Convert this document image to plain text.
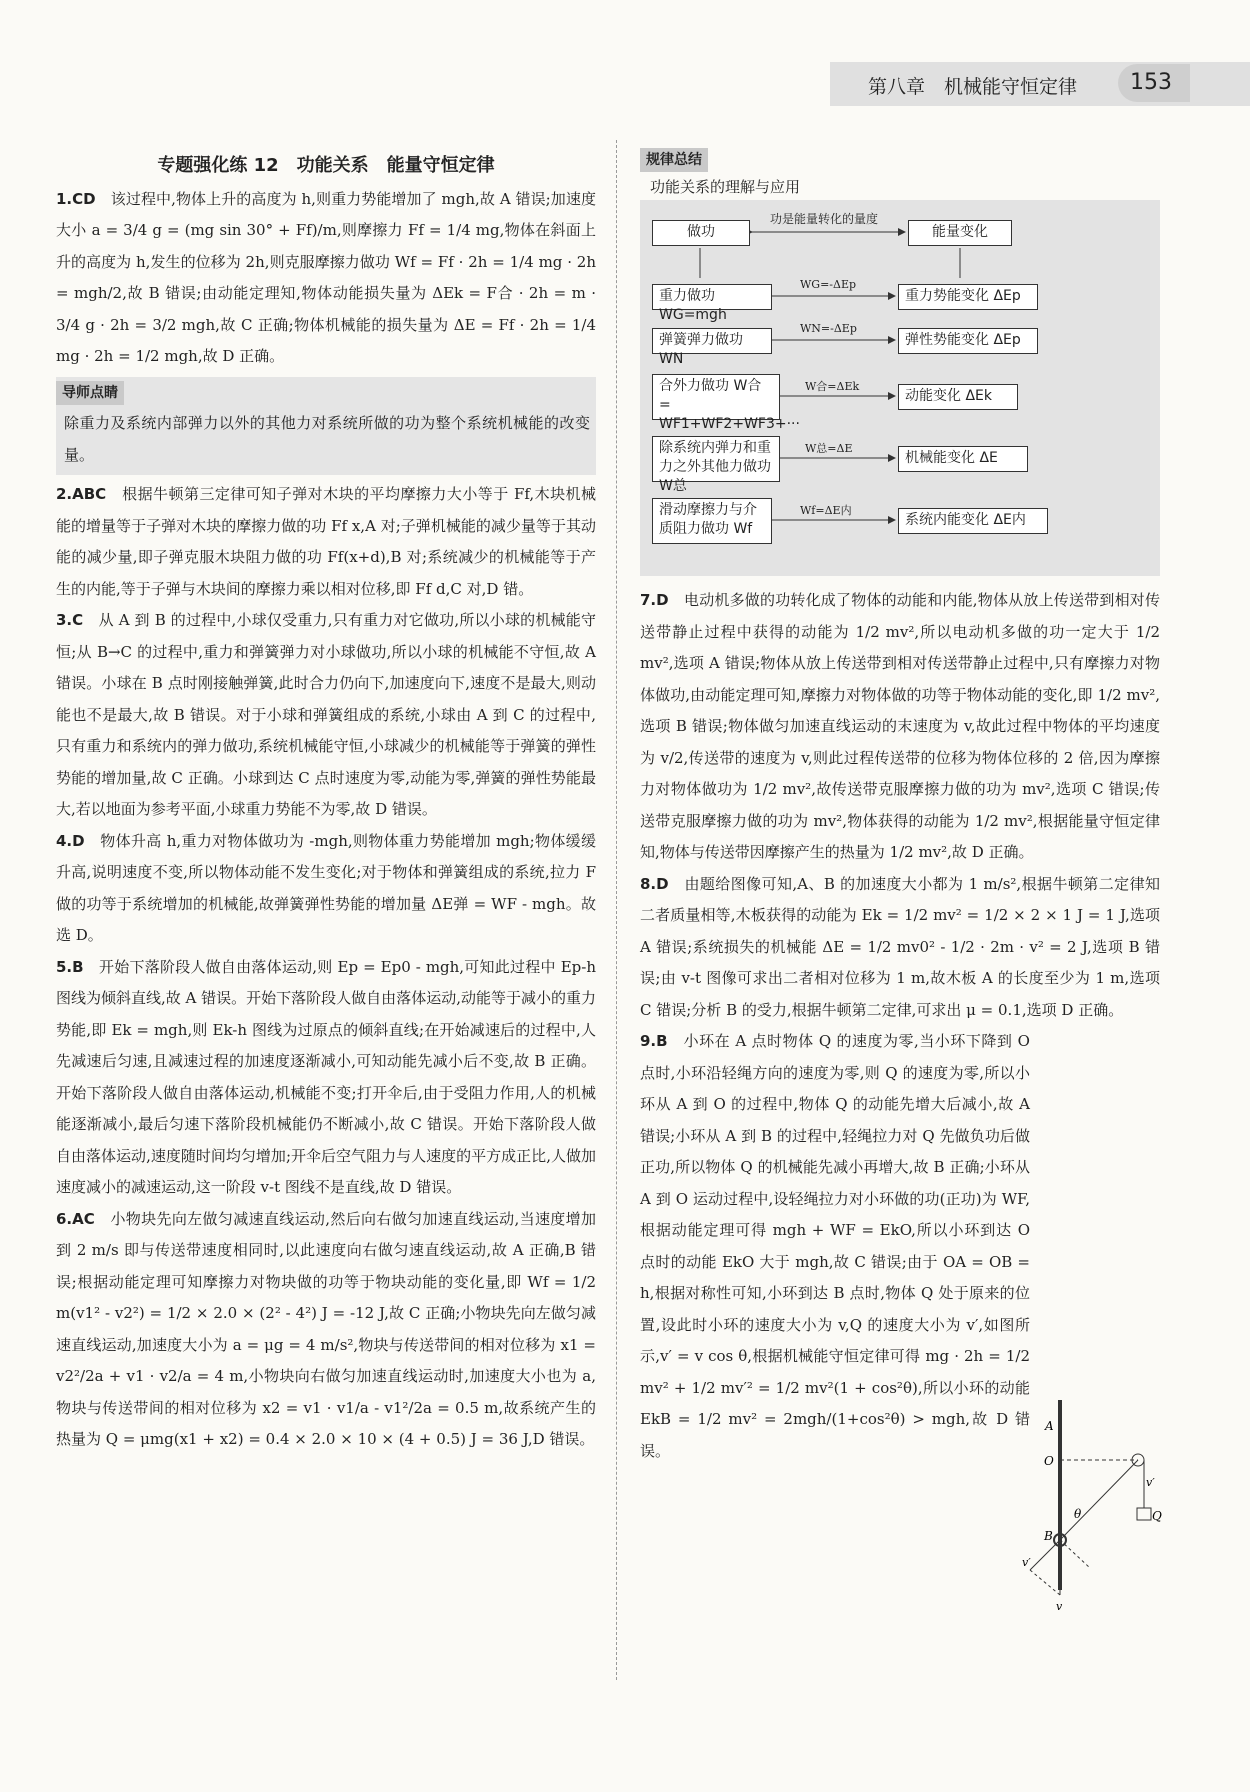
第八章　机械能守恒定律	153
专题强化练 12　功能关系　能量守恒定律

1.CD　 该过程中,物体上升的高度为 h,则重力势能增加了 mgh,故 A 错误;加速度大小 a = 3/4 g = (mg sin 30° + Ff)/m,则摩擦力 Ff = 1/4 mg,物体在斜面上升的高度为 h,发生的位移为 2h,则克服摩擦力做功 Wf = Ff · 2h = 1/4 mg · 2h = mgh/2,故 B 错误;由动能定理知,物体动能损失量为 ΔEk = F合 · 2h = m · 3/4 g · 2h = 3/2 mgh,故 C 正确;物体机械能的损失量为 ΔE = Ff · 2h = 1/4 mg · 2h = 1/2 mgh,故 D 正确。

导师点睛

除重力及系统内部弹力以外的其他力对系统所做的功为整个系统机械能的改变量。

2.ABC　 根据牛顿第三定律可知子弹对木块的平均摩擦力大小等于 Ff,木块机械能的增量等于子弹对木块的摩擦力做的功 Ff x,A 对;子弹机械能的减少量等于其动能的减少量,即子弹克服木块阻力做的功 Ff(x+d),B 对;系统减少的机械能等于产生的内能,等于子弹与木块间的摩擦力乘以相对位移,即 Ff d,C 对,D 错。

3.C　 从 A 到 B 的过程中,小球仅受重力,只有重力对它做功,所以小球的机械能守恒;从 B→C 的过程中,重力和弹簧弹力对小球做功,所以小球的机械能不守恒,故 A 错误。小球在 B 点时刚接触弹簧,此时合力仍向下,加速度向下,速度不是最大,则动能也不是最大,故 B 错误。对于小球和弹簧组成的系统,小球由 A 到 C 的过程中,只有重力和系统内的弹力做功,系统机械能守恒,小球减少的机械能等于弹簧的弹性势能的增加量,故 C 正确。小球到达 C 点时速度为零,动能为零,弹簧的弹性势能最大,若以地面为参考平面,小球重力势能不为零,故 D 错误。

4.D　 物体升高 h,重力对物体做功为 -mgh,则物体重力势能增加 mgh;物体缓缓升高,说明速度不变,所以物体动能不发生变化;对于物体和弹簧组成的系统,拉力 F 做的功等于系统增加的机械能,故弹簧弹性势能的增加量 ΔE弹 = WF - mgh。故选 D。

5.B　 开始下落阶段人做自由落体运动,则 Ep = Ep0 - mgh,可知此过程中 Ep-h 图线为倾斜直线,故 A 错误。开始下落阶段人做自由落体运动,动能等于减小的重力势能,即 Ek = mgh,则 Ek-h 图线为过原点的倾斜直线;在开始减速后的过程中,人先减速后匀速,且减速过程的加速度逐渐减小,可知动能先减小后不变,故 B 正确。开始下落阶段人做自由落体运动,机械能不变;打开伞后,由于受阻力作用,人的机械能逐渐减小,最后匀速下落阶段机械能仍不断减小,故 C 错误。开始下落阶段人做自由落体运动,速度随时间均匀增加;开伞后空气阻力与人速度的平方成正比,人做加速度减小的减速运动,这一阶段 v-t 图线不是直线,故 D 错误。

6.AC　 小物块先向左做匀减速直线运动,然后向右做匀加速直线运动,当速度增加到 2 m/s 即与传送带速度相同时,以此速度向右做匀速直线运动,故 A 正确,B 错误;根据动能定理可知摩擦力对物块做的功等于物块动能的变化量,即 Wf = 1/2 m(v1² - v2²) = 1/2 × 2.0 × (2² - 4²) J = -12 J,故 C 正确;小物块先向左做匀减速直线运动,加速度大小为 a = μg = 4 m/s²,物块与传送带间的相对位移为 x1 = v2²/2a + v1 · v2/a = 4 m,小物块向右做匀加速直线运动时,加速度大小也为 a,物块与传送带间的相对位移为 x2 = v1 · v1/a - v1²/2a = 0.5 m,故系统产生的热量为 Q = μmg(x1 + x2) = 0.4 × 2.0 × 10 × (4 + 0.5) J = 36 J,D 错误。

规律总结
功能关系的理解与应用
做功	能量变化
功是能量转化的量度
重力做功 WG=mgh
WG=-ΔEp
重力势能变化 ΔEp
弹簧弹力做功 WN
WN=-ΔEp
弹性势能变化 ΔEp
合外力做功 W合= WF1+WF2+WF3+···
W合=ΔEk
动能变化 ΔEk
除系统内弹力和重力之外其他力做功 W总
W总=ΔE
机械能变化 ΔE
滑动摩擦力与介质阻力做功 Wf
Wf=ΔE内
系统内能变化 ΔE内

7.D　 电动机多做的功转化成了物体的动能和内能,物体从放上传送带到相对传送带静止过程中获得的动能为 1/2 mv²,所以电动机多做的功一定大于 1/2 mv²,选项 A 错误;物体从放上传送带到相对传送带静止过程中,只有摩擦力对物体做功,由动能定理可知,摩擦力对物体做的功等于物体动能的变化,即 1/2 mv²,选项 B 错误;物体做匀加速直线运动的末速度为 v,故此过程中物体的平均速度为 v/2,传送带的速度为 v,则此过程传送带的位移为物体位移的 2 倍,因为摩擦力对物体做功为 1/2 mv²,故传送带克服摩擦力做的功为 mv²,选项 C 错误;传送带克服摩擦力做的功为 mv²,物体获得的动能为 1/2 mv²,根据能量守恒定律知,物体与传送带因摩擦产生的热量为 1/2 mv²,故 D 正确。

8.D　 由题给图像可知,A、B 的加速度大小都为 1 m/s²,根据牛顿第二定律知二者质量相等,木板获得的动能为 Ek = 1/2 mv² = 1/2 × 2 × 1 J = 1 J,选项 A 错误;系统损失的机械能 ΔE = 1/2 mv0² - 1/2 · 2m · v² = 2 J,选项 B 错误;由 v-t 图像可求出二者相对位移为 1 m,故木板 A 的长度至少为 1 m,选项 C 错误;分析 B 的受力,根据牛顿第二定律,可求出 μ = 0.1,选项 D 正确。

9.B　 小环在 A 点时物体 Q 的速度为零,当小环下降到 O 点时,小环沿轻绳方向的速度为零,则 Q 的速度为零,所以小环从 A 到 O 的过程中,物体 Q 的动能先增大后减小,故 A 错误;小环从 A 到 B 的过程中,轻绳拉力对 Q 先做负功后做正功,所以物体 Q 的机械能先减小再增大,故 B 正确;小环从 A 到 O 运动过程中,设轻绳拉力对小环做的功(正功)为 WF,根据动能定理可得 mgh + WF = EkO,所以小环到达 O 点时的动能 EkO 大于 mgh,故 C 错误;由于 OA = OB = h,根据对称性可知,小环到达 B 点时,物体 Q 处于原来的位置,设此时小环的速度大小为 v,Q 的速度大小为 v′,如图所示,v′ = v cos θ,根据机械能守恒定律可得 mg · 2h = 1/2 mv² + 1/2 mv′² = 1/2 mv²(1 + cos²θ),所以小环的动能 EkB = 1/2 mv² = 2mgh/(1+cos²θ) > mgh,故 D 错误。

A
O
B
Q
θ
v′
v′
v
